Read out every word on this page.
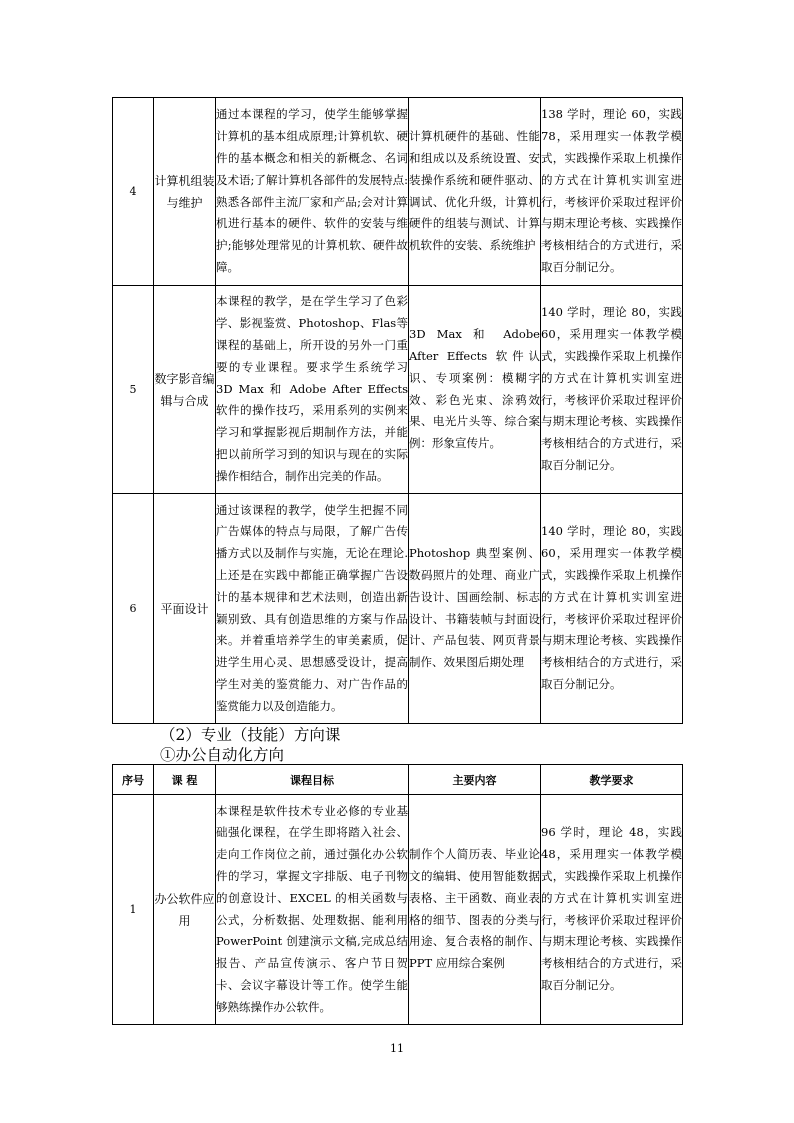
4	计算机组装与维护	通过本课程的学习，使学生能够掌握计算机的基本组成原理;计算机软、硬件的基本概念和相关的新概念、名词及术语;了解计算机各部件的发展特点:熟悉各部件主流厂家和产品;会对计算机进行基本的硬件、软件的安装与维护;能够处理常见的计算机软、硬件故障。	计算机硬件的基础、性能和组成以及系统设置、安装操作系统和硬件驱动、调试、优化升级，计算机硬件的组装与测试、计算机软件的安装、系统维护	138 学时，理论 60，实践 78，采用理实一体教学模式，实践操作采取上机操作的方式在计算机实训室进行，考核评价采取过程评价与期末理论考核、实践操作考核相结合的方式进行，采取百分制记分。
5	数字影音编辑与合成	本课程的教学，是在学生学习了色彩学、影视鉴赏、Photoshop、Flas等课程的基础上，所开设的另外一门重要的专业课程。要求学生系统学习 3D Max 和 Adobe After Effects 软件的操作技巧，采用系列的实例来学习和掌握影视后期制作方法，并能把以前所学习到的知识与现在的实际操作相结合，制作出完美的作品。	3D Max 和 Adobe After Effects 软件认识、专项案例：模糊字效、彩色光束、涂鸦效果、电光片头等、综合案例：形象宣传片。	140 学时，理论 80，实践 60，采用理实一体教学模式，实践操作采取上机操作的方式在计算机实训室进行，考核评价采取过程评价与期末理论考核、实践操作考核相结合的方式进行，采取百分制记分。
6	平面设计	通过该课程的教学，使学生把握不同广告媒体的特点与局限，了解广告传播方式以及制作与实施，无论在理论.上还是在实践中都能正确掌握广告设计的基本规律和艺术法则，创造出新颖别致、具有创造思维的方案与作品来。并着重培养学生的审美素质，促进学生用心灵、思想感受设计，提高学生对美的鉴赏能力、对广告作品的鉴赏能力以及创造能力。	Photoshop 典型案例、数码照片的处理、商业广告设计、国画绘制、标志设计、书籍装帧与封面设计、产品包装、网页背景制作、效果图后期处理	140 学时，理论 80，实践 60，采用理实一体教学模式，实践操作采取上机操作的方式在计算机实训室进行，考核评价采取过程评价与期末理论考核、实践操作考核相结合的方式进行，采取百分制记分。
（2）专业（技能）方向课
①办公自动化方向
序号	课 程	课程目标	主要内容	教学要求
1	办公软件应用	本课程是软件技术专业必修的专业基础强化课程，在学生即将踏入社会、走向工作岗位之前，通过强化办公软件的学习，掌握文字排版、电子刊物的创意设计、EXCEL 的相关函数与公式，分析数据、处理数据、能利用 PowerPoint 创建演示文稿,完成总结报告、产品宣传演示、客户节日贺卡、会议字幕设计等工作。使学生能够熟练操作办公软件。	制作个人简历表、毕业论文的编辑、使用智能数据表格、主干函数、商业表格的细节、图表的分类与用途、复合表格的制作、PPT 应用综合案例	96 学时，理论 48，实践 48，采用理实一体教学模式，实践操作采取上机操作的方式在计算机实训室进行，考核评价采取过程评价与期末理论考核、实践操作考核相结合的方式进行，采取百分制记分。
11
